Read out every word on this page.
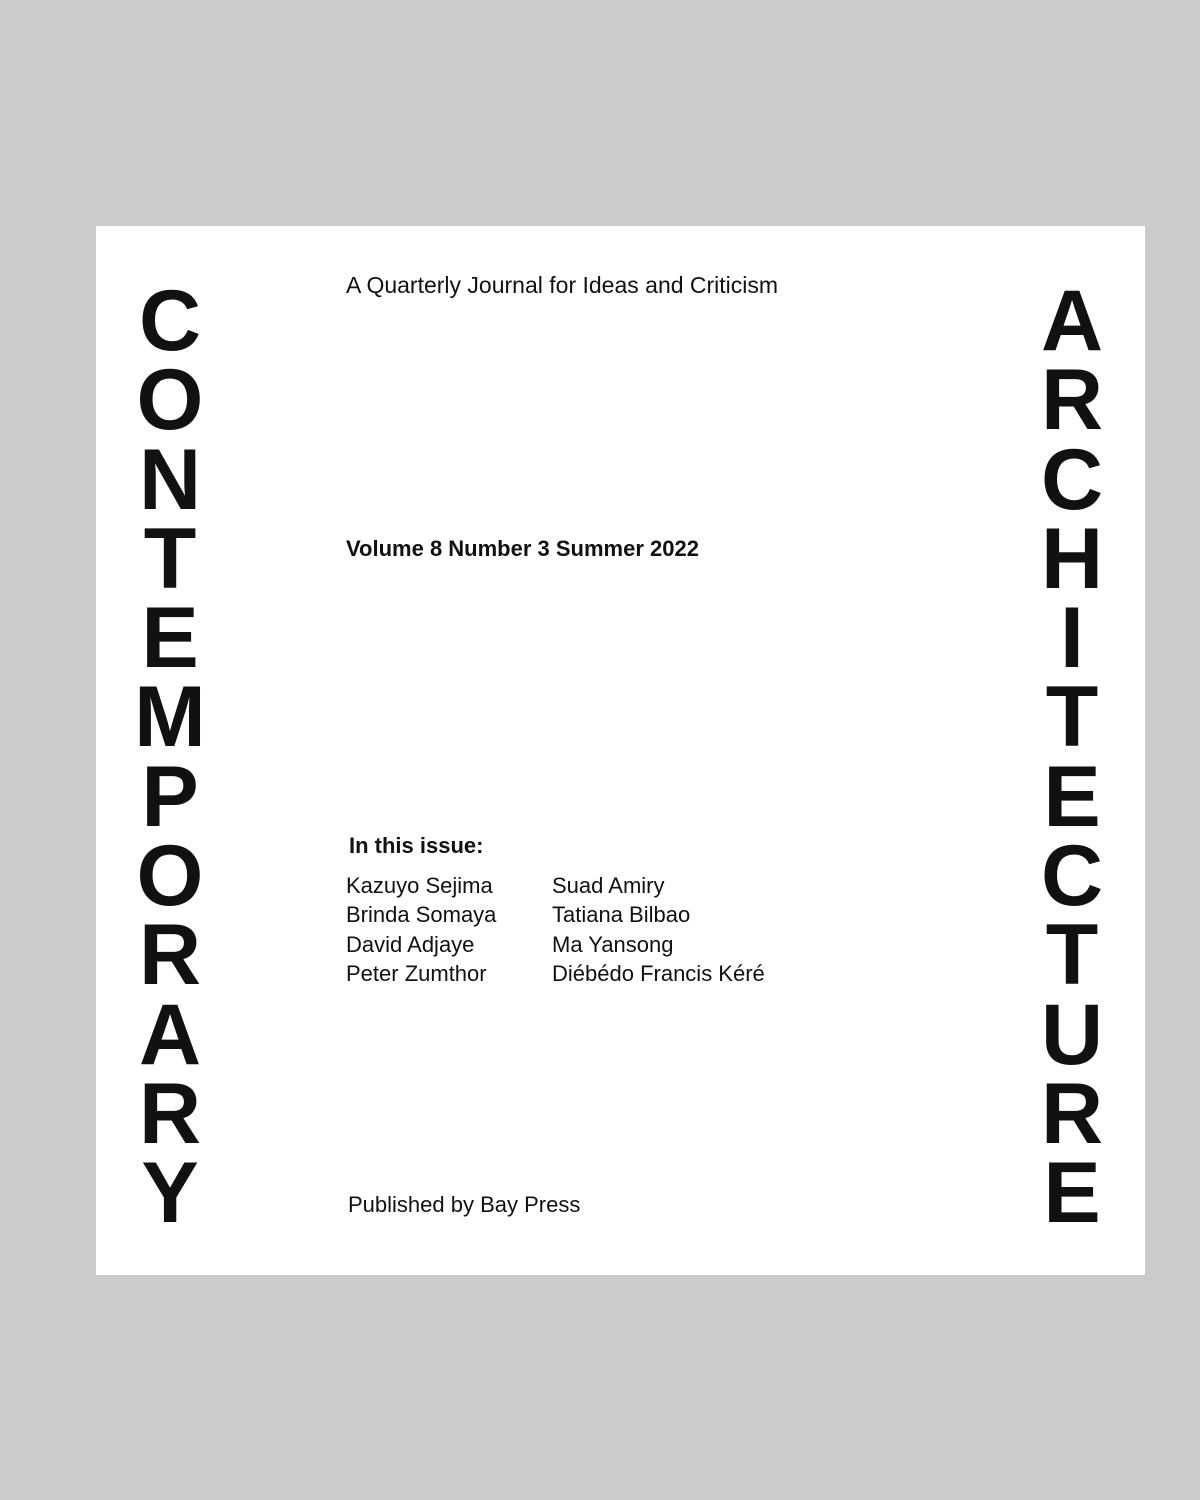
C
O
N
T
E
M
P
O
R
A
R
Y
A
R
C
H
I
T
E
C
T
U
R
E
A Quarterly Journal for Ideas and Criticism
Volume 8 Number 3 Summer 2022
In this issue:
Kazuyo Sejima
Brinda Somaya
David Adjaye
Peter Zumthor
Suad Amiry
Tatiana Bilbao
Ma Yansong
Diébédo Francis Kéré
Published by Bay Press
